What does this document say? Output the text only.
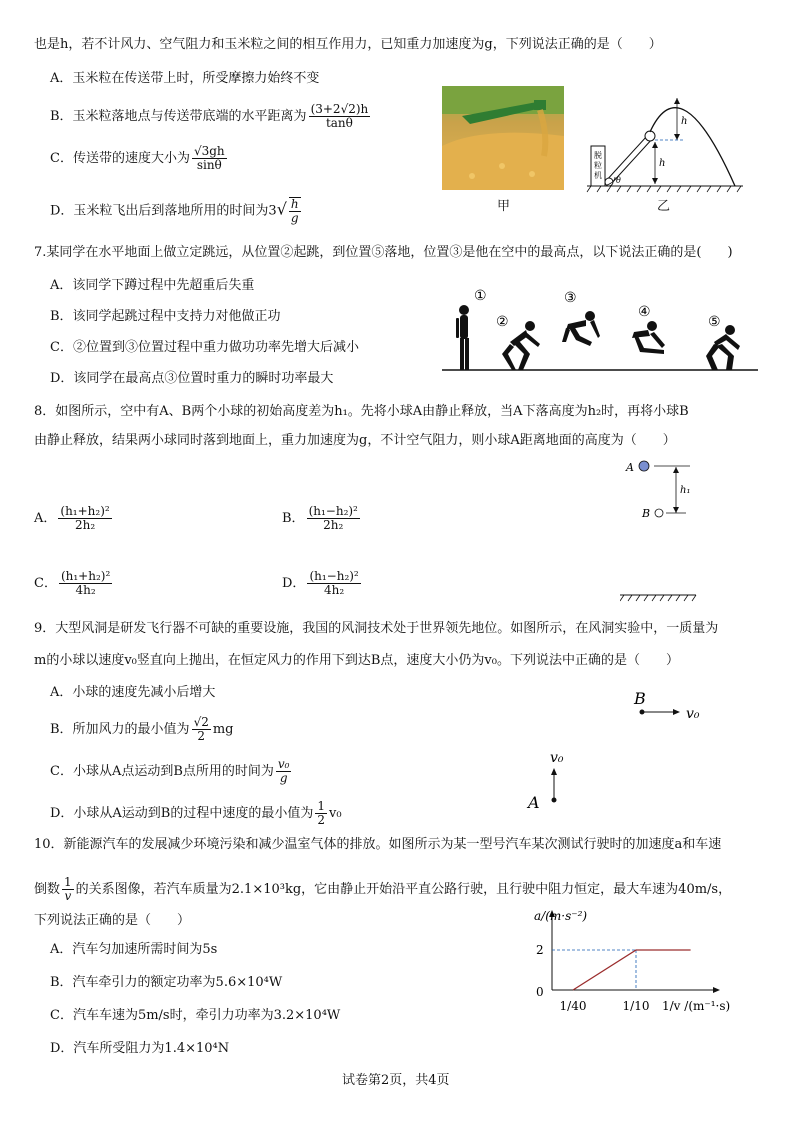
也是h，若不计风力、空气阻力和玉米粒之间的相互作用力，已知重力加速度为g，下列说法正确的是（　　）
A．玉米粒在传送带上时，所受摩擦力始终不变
B．玉米粒落地点与传送带底端的水平距离为 $\frac{(3+2√2)h}{\tan\theta}$
C．传送带的速度大小为 $\frac{√3gh}{\sin\theta}$
D．玉米粒飞出后到落地所用的时间为$3√ \frac{h}{g}$	甲
脱
粒
机
θ
h
h
乙
7.某同学在水平地面上做立定跳远，从位置②起跳，到位置⑤落地，位置③是他在空中的最高点，以下说法正确的是(　　)
A．该同学下蹲过程中先超重后失重
B．该同学起跳过程中支持力对他做正功
C．②位置到③位置过程中重力做功功率先增大后减小
D．该同学在最高点③位置时重力的瞬时功率最大
①
②
③
④
⑤
8．如图所示，空中有A、B两个小球的初始高度差为h₁。先将小球A由静止释放，当A下落高度为h₂时，再将小球B
由静止释放，结果两小球同时落到地面上，重力加速度为g，不计空气阻力，则小球A距离地面的高度为（　　）
A． $\frac{\text{(h₁+h₂)²}}{\text{2h₂}}$	B． $\frac{\text{(h₁−h₂)²}}{\text{2h₂}}$
C． $\frac{\text{(h₁+h₂)²}}{\text{4h₂}}$	D． $\frac{\text{(h₁−h₂)²}}{\text{4h₂}}$
A
h₁
B
9．大型风洞是研发飞行器不可缺的重要设施，我国的风洞技术处于世界领先地位。如图所示，在风洞实验中，一质量为
m的小球以速度v₀竖直向上抛出，在恒定风力的作用下到达B点，速度大小仍为v₀。下列说法中正确的是（　　）
A．小球的速度先减小后增大
B．所加风力的最小值为 $\frac{√2}{2}$ mg
C．小球从A点运动到B点所用的时间为 $\frac{\text{v₀}}{g}$
D．小球从A运动到B的过程中速度的最小值为 $\frac{1}{2} v_0$
B
v₀
v₀
A
10．新能源汽车的发展减少环境污染和减少温室气体的排放。如图所示为某一型号汽车某次测试行驶时的加速度a和车速
倒数 $\frac{1}{v}$ 的关系图像，若汽车质量为2.1×10³kg，它由静止开始沿平直公路行驶，且行驶中阻力恒定，最大车速为40m/s，
下列说法正确的是（　　）
A．汽车匀加速所需时间为5s
B．汽车牵引力的额定功率为5.6×10⁴W
C．汽车车速为5m/s时，牵引力功率为3.2×10⁴W
D．汽车所受阻力为1.4×10⁴N
a/(m·s⁻²)
0
2
1/40	1/10 1/v /(m⁻¹·s)
试卷第2页，共4页
